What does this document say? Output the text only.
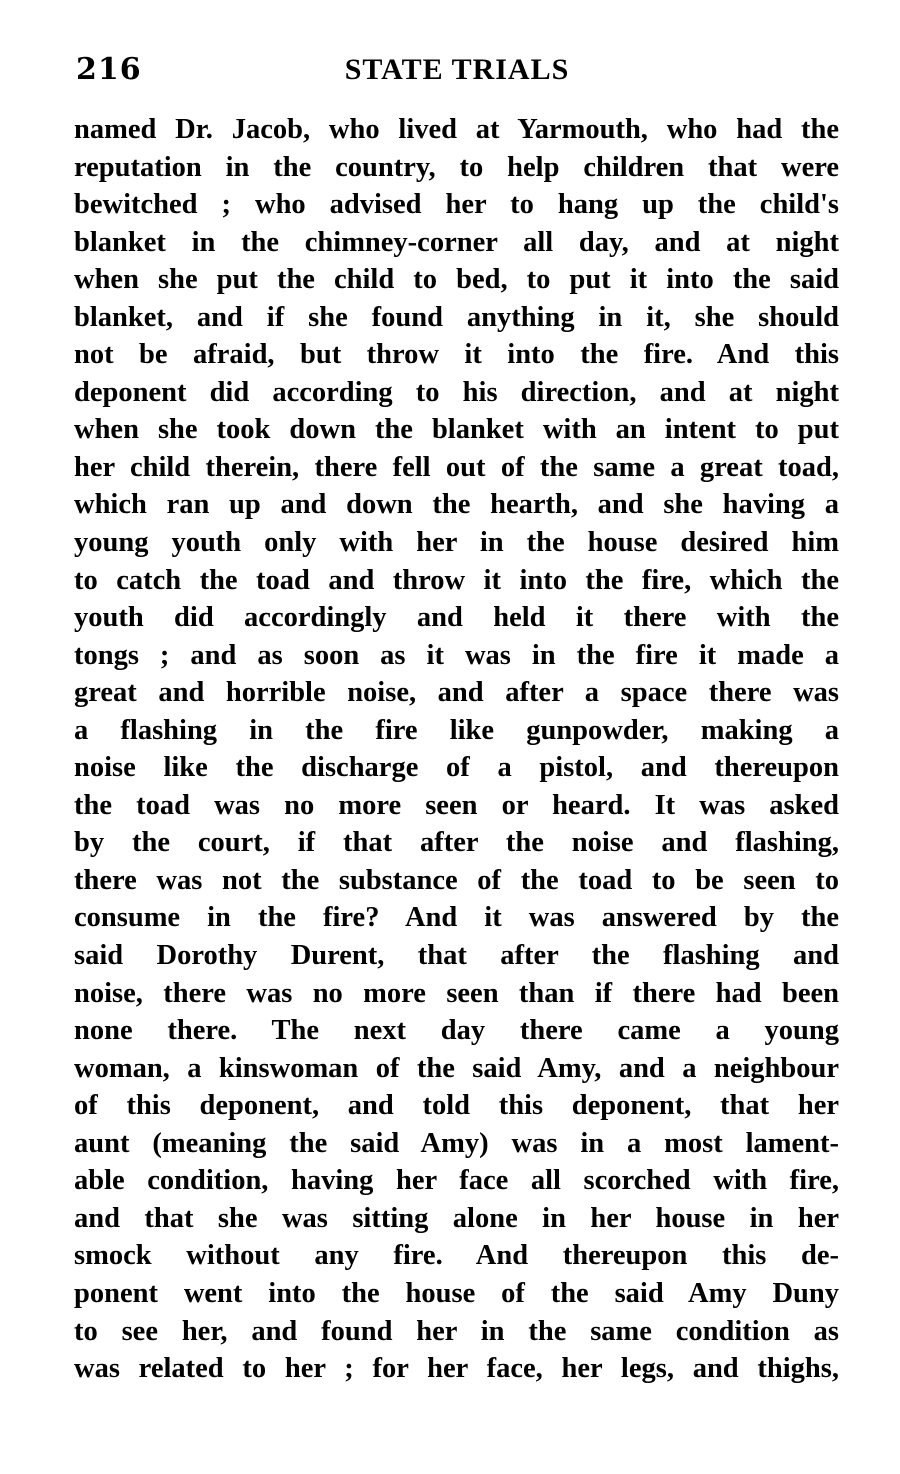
216	STATE TRIALS
named Dr. Jacob, who lived at Yarmouth, who had the
reputation in the country, to help children that were
bewitched ; who advised her to hang up the child's
blanket in the chimney-corner all day, and at night
when she put the child to bed, to put it into the said
blanket, and if she found anything in it, she should
not be afraid, but throw it into the fire. And this
deponent did according to his direction, and at night
when she took down the blanket with an intent to put
her child therein, there fell out of the same a great toad,
which ran up and down the hearth, and she having a
young youth only with her in the house desired him
to catch the toad and throw it into the fire, which the
youth did accordingly and held it there with the
tongs ; and as soon as it was in the fire it made a
great and horrible noise, and after a space there was
a flashing in the fire like gunpowder, making a
noise like the discharge of a pistol, and thereupon
the toad was no more seen or heard. It was asked
by the court, if that after the noise and flashing,
there was not the substance of the toad to be seen to
consume in the fire? And it was answered by the
said Dorothy Durent, that after the flashing and
noise, there was no more seen than if there had been
none there. The next day there came a young
woman, a kinswoman of the said Amy, and a neighbour
of this deponent, and told this deponent, that her
aunt (meaning the said Amy) was in a most lament-
able condition, having her face all scorched with fire,
and that she was sitting alone in her house in her
smock without any fire. And thereupon this de-
ponent went into the house of the said Amy Duny
to see her, and found her in the same condition as
was related to her ; for her face, her legs, and thighs,
